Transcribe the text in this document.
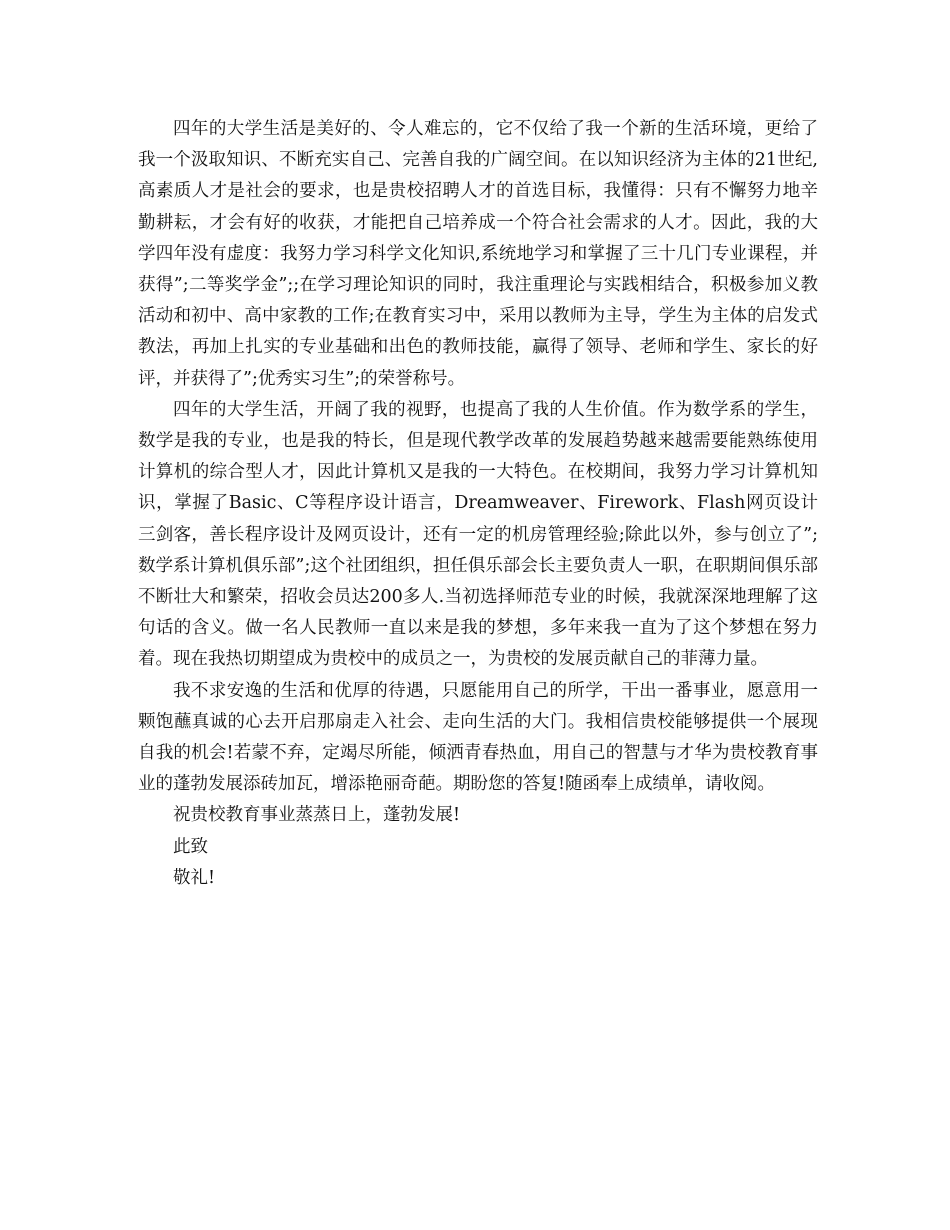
四年的大学生活是美好的、令人难忘的，它不仅给了我一个新的生活环境，更给了我一个汲取知识、不断充实自己、完善自我的广阔空间。在以知识经济为主体的21世纪,高素质人才是社会的要求，也是贵校招聘人才的首选目标，我懂得：只有不懈努力地辛勤耕耘，才会有好的收获，才能把自己培养成一个符合社会需求的人才。因此，我的大学四年没有虚度：我努力学习科学文化知识,系统地学习和掌握了三十几门专业课程，并获得”;二等奖学金”;;在学习理论知识的同时，我注重理论与实践相结合，积极参加义教活动和初中、高中家教的工作;在教育实习中，采用以教师为主导，学生为主体的启发式教法，再加上扎实的专业基础和出色的教师技能，赢得了领导、老师和学生、家长的好评，并获得了”;优秀实习生”;的荣誉称号。

四年的大学生活，开阔了我的视野，也提高了我的人生价值。作为数学系的学生，数学是我的专业，也是我的特长，但是现代教学改革的发展趋势越来越需要能熟练使用计算机的综合型人才，因此计算机又是我的一大特色。在校期间，我努力学习计算机知识，掌握了Basic、C等程序设计语言，Dreamweaver、Firework、Flash网页设计三剑客，善长程序设计及网页设计，还有一定的机房管理经验;除此以外，参与创立了”;数学系计算机俱乐部”;这个社团组织，担任俱乐部会长主要负责人一职，在职期间俱乐部不断壮大和繁荣，招收会员达200多人.当初选择师范专业的时候，我就深深地理解了这句话的含义。做一名人民教师一直以来是我的梦想，多年来我一直为了这个梦想在努力着。现在我热切期望成为贵校中的成员之一，为贵校的发展贡献自己的菲薄力量。

我不求安逸的生活和优厚的待遇，只愿能用自己的所学，干出一番事业，愿意用一颗饱蘸真诚的心去开启那扇走入社会、走向生活的大门。我相信贵校能够提供一个展现自我的机会!若蒙不弃，定竭尽所能，倾洒青春热血，用自己的智慧与才华为贵校教育事业的蓬勃发展添砖加瓦，增添艳丽奇葩。期盼您的答复!随函奉上成绩单，请收阅。

祝贵校教育事业蒸蒸日上，蓬勃发展!

此致

敬礼!
